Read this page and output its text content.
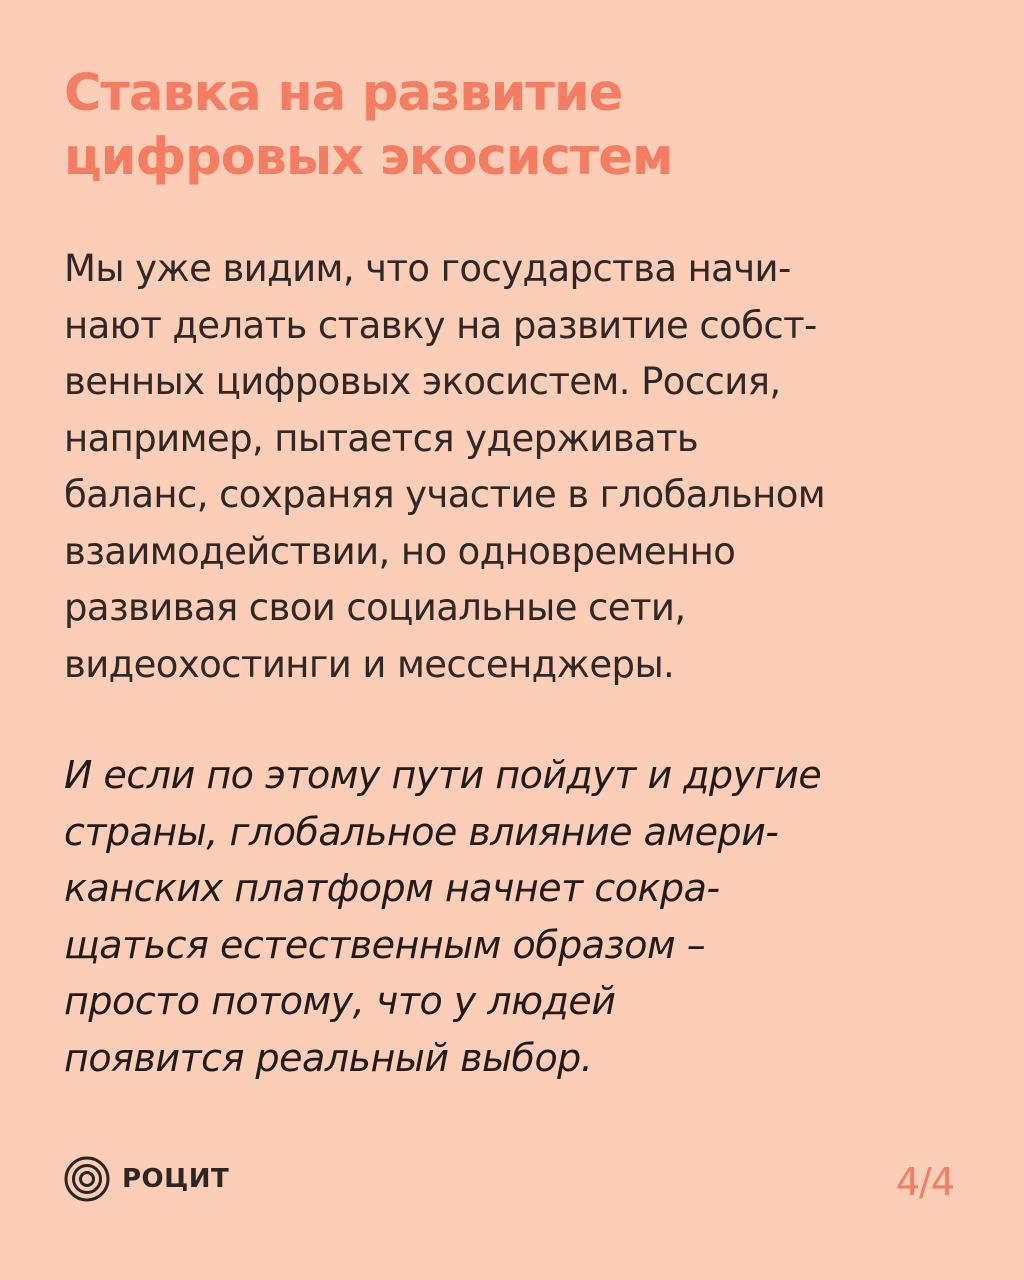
Ставка на развитие
цифровых экосистем

Мы уже видим, что государства начи-
нают делать ставку на развитие собст-
венных цифровых экосистем. Россия,
например, пытается удерживать
баланс, сохраняя участие в глобальном
взаимодействии, но одновременно
развивая свои социальные сети,
видеохостинги и мессенджеры.

И если по этому пути пойдут и другие
страны, глобальное влияние амери-
канских платформ начнет сокра-
щаться естественным образом –
просто потому, что у людей
появится реальный выбор.

РОЦИТ	4/4
